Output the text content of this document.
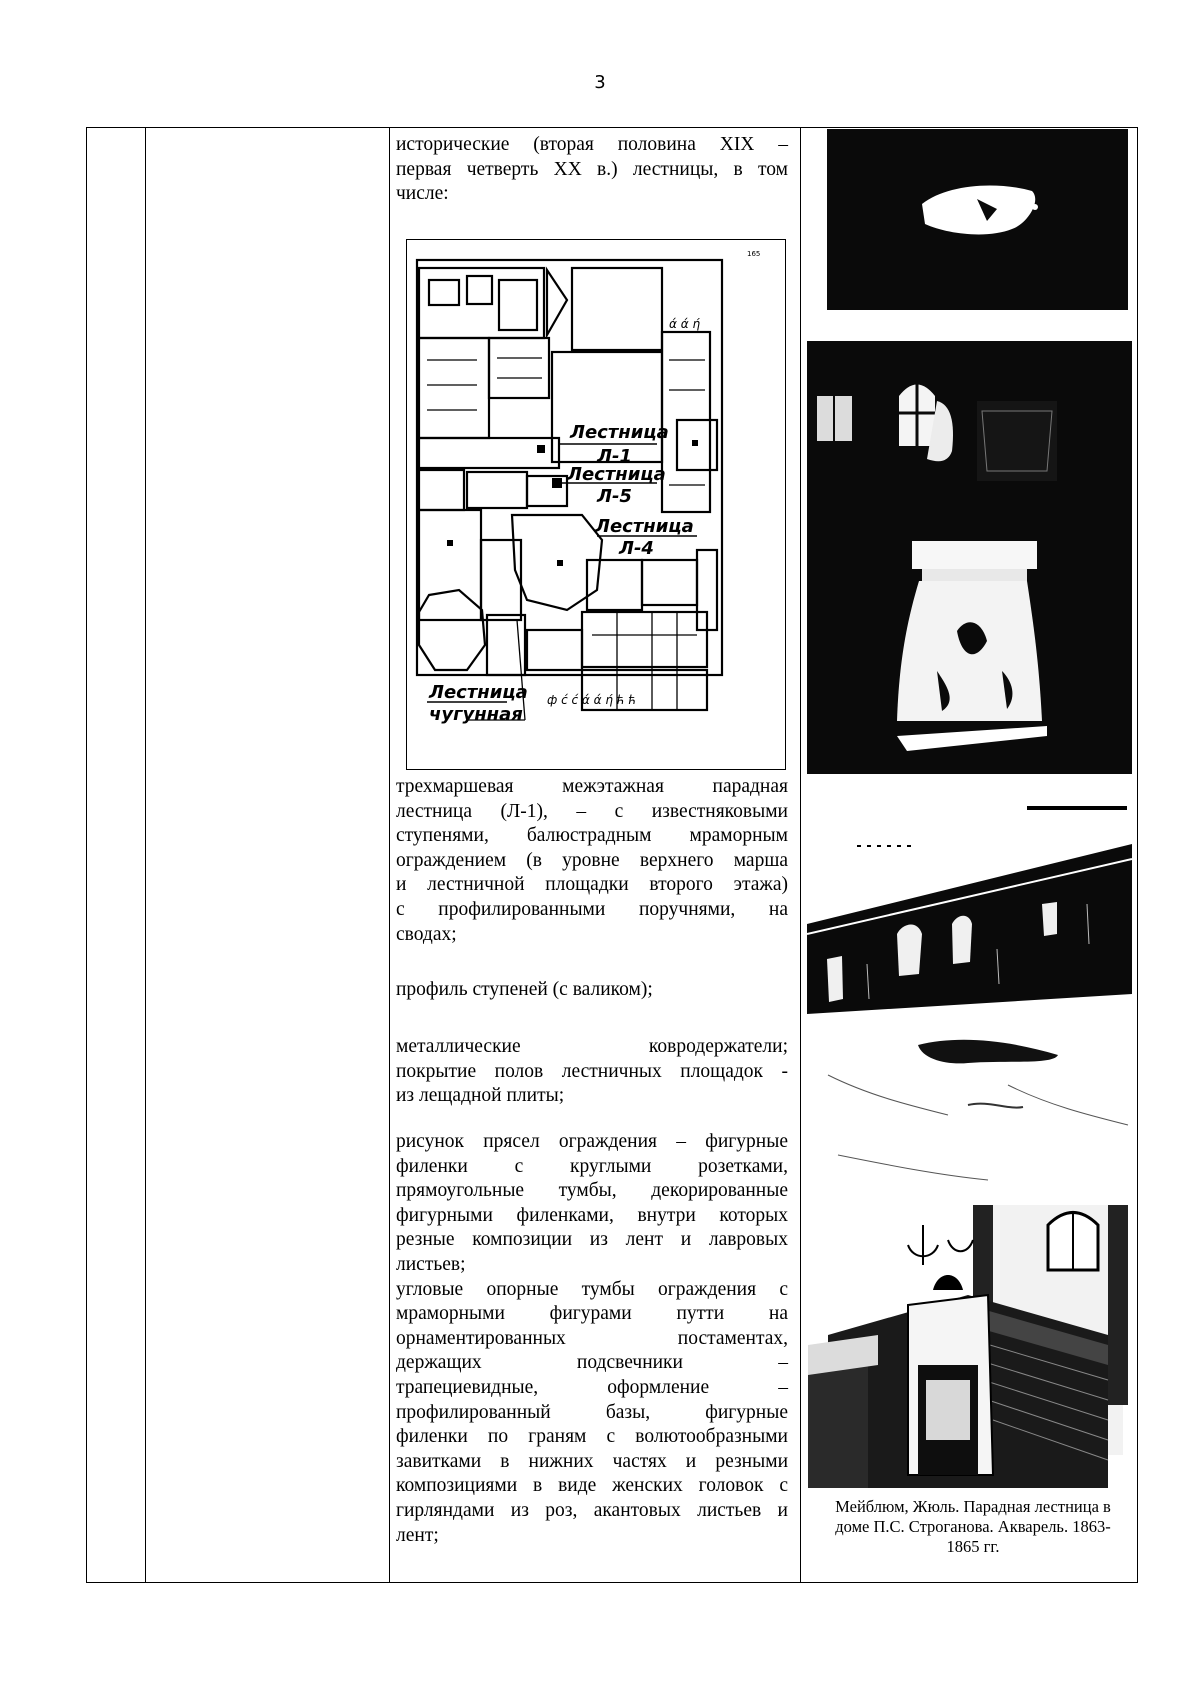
3

исторические (вторая половина XIX –

первая четверть XX в.) лестницы, в том

числе:

Лестница
Л-1
Лестница
Л-5
Лестница
Л-4
Лестница
чугунная
165
ф ć ć ά ά ή ћ ћ
ά ά ή

трехмаршевая межэтажная парадная

лестница (Л-1), – с известняковыми

ступенями, балюстрадным мраморным

ограждением (в уровне верхнего марша

и лестничной площадки второго этажа)

с профилированными поручнями, на

сводах;

профиль ступеней (с валиком);

металлические ковродержатели;

покрытие полов лестничных площадок -

из лещадной плиты;

рисунок прясел ограждения – фигурные

филенки с круглыми розетками,

прямоугольные тумбы, декорированные

фигурными филенками, внутри которых

резные композиции из лент и лавровых

листьев;

угловые опорные тумбы ограждения с

мраморными фигурами путти на

орнаментированных постаментах,

держащих подсвечники –

трапециевидные, оформление –

профилированный базы, фигурные

филенки по граням с волютообразными

завитками в нижних частях и резными

композициями в виде женских головок с

гирляндами из роз, акантовых листьев и

лент;

Мейблюм, Жюль. Парадная лестница в
доме П.С. Строганова. Акварель. 1863-
1865 гг.
